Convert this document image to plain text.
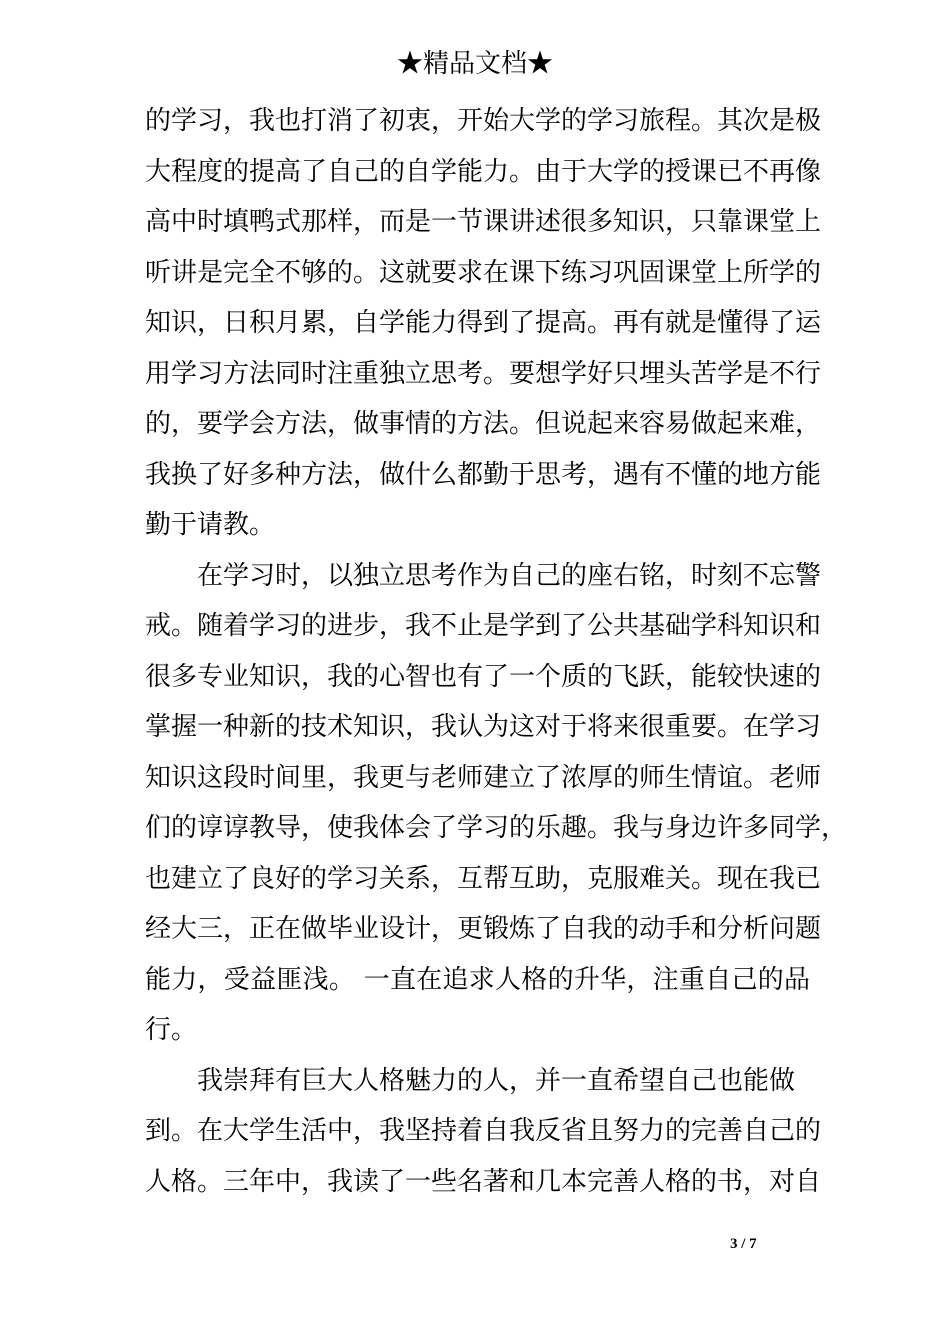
★精品文档★
的学习，我也打消了初衷，开始大学的学习旅程。其次是极
大程度的提高了自己的自学能力。由于大学的授课已不再像
高中时填鸭式那样，而是一节课讲述很多知识，只靠课堂上
听讲是完全不够的。这就要求在课下练习巩固课堂上所学的
知识，日积月累，自学能力得到了提高。再有就是懂得了运
用学习方法同时注重独立思考。要想学好只埋头苦学是不行
的，要学会方法，做事情的方法。但说起来容易做起来难，
我换了好多种方法，做什么都勤于思考，遇有不懂的地方能
勤于请教。
在学习时，以独立思考作为自己的座右铭，时刻不忘警
戒。随着学习的进步，我不止是学到了公共基础学科知识和
很多专业知识，我的心智也有了一个质的飞跃，能较快速的
掌握一种新的技术知识，我认为这对于将来很重要。在学习
知识这段时间里，我更与老师建立了浓厚的师生情谊。老师
们的谆谆教导，使我体会了学习的乐趣。我与身边许多同学，
也建立了良好的学习关系，互帮互助，克服难关。现在我已
经大三，正在做毕业设计，更锻炼了自我的动手和分析问题
能力，受益匪浅。 一直在追求人格的升华，注重自己的品
行。
我崇拜有巨大人格魅力的人，并一直希望自己也能做
到。在大学生活中，我坚持着自我反省且努力的完善自己的
人格。三年中，我读了一些名著和几本完善人格的书，对自
3 / 7
